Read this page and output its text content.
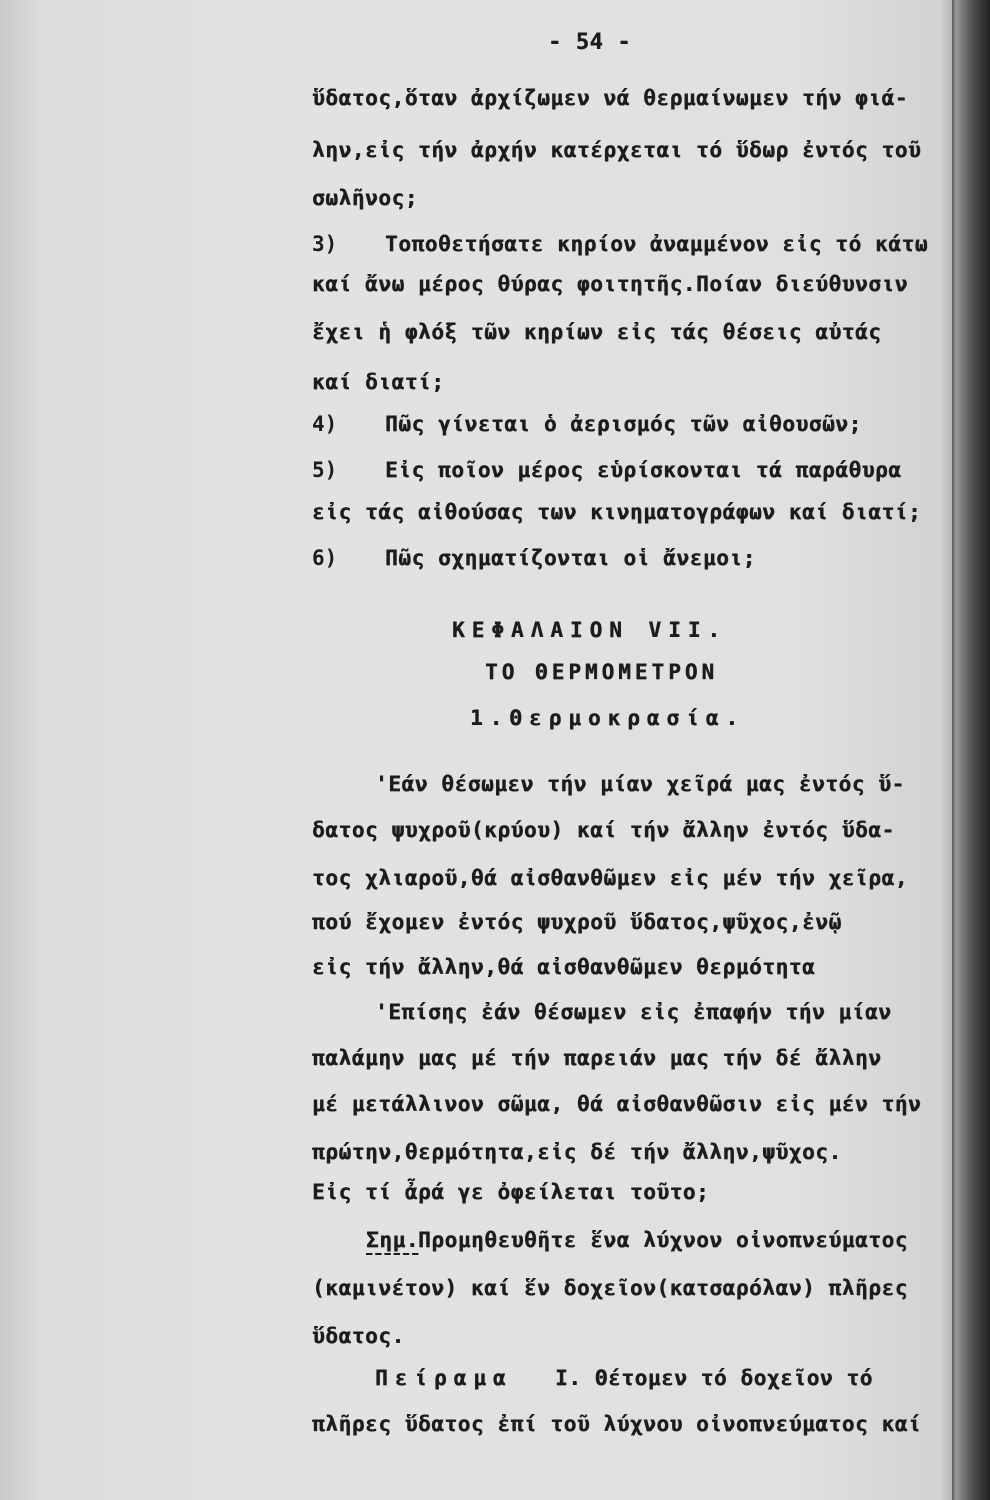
- 54 -
ὕδατος,ὅταν ἀρχίζωμεν νά θερμαίνωμεν τήν φιά-
λην,εἰς τήν ἀρχήν κατέρχεται τό ὕδωρ ἐντός τοῦ
σωλῆνος;
3) Τοποθετήσατε κηρίον ἀναμμένον εἰς τό κάτω
καί ἄνω μέρος θύρας φοιτητῆς.Ποίαν διεύθυνσιν
ἔχει ἡ φλόξ τῶν κηρίων εἰς τάς θέσεις αὐτάς
καί διατί;
4) Πῶς γίνεται ὁ ἀερισμός τῶν αἰθουσῶν;
5) Εἰς ποῖον μέρος εὑρίσκονται τά παράθυρα
εἰς τάς αἰθούσας των κινηματογράφων καί διατί;
6) Πῶς σχηματίζονται οἱ ἄνεμοι;
ΚΕΦΑΛΑΙΟΝ VII.
ΤΟ ΘΕΡΜΟΜΕΤΡΟΝ
1.Θερμοκρασία.
'Εάν θέσωμεν τήν μίαν χεῖρά μας ἐντός ὕ-
δατος ψυχροῦ(κρύου) καί τήν ἄλλην ἐντός ὕδα-
τος χλιαροῦ,θά αἰσθανθῶμεν εἰς μέν τήν χεῖρα,
πού ἔχομεν ἐντός ψυχροῦ ὕδατος,ψῦχος,ἐνῷ
εἰς τήν ἄλλην,θά αἰσθανθῶμεν θερμότητα
'Επίσης ἐάν θέσωμεν εἰς ἐπαφήν τήν μίαν
παλάμην μας μέ τήν παρειάν μας τήν δέ ἄλλην
μέ μετάλλινον σῶμα, θά αἰσθανθῶσιν εἰς μέν τήν
πρώτην,θερμότητα,εἰς δέ τήν ἄλλην,ψῦχος.
Εἰς τί ἆρά γε ὀφείλεται τοῦτο;
Σημ. Προμηθευθῆτε ἕνα λύχνον οἰνοπνεύματος
(καμινέτον) καί ἕν δοχεῖον(κατσαρόλαν) πλῆρες
ὕδατος.
Πείραμα Ι. Θέτομεν τό δοχεῖον τό
πλῆρες ὕδατος ἐπί τοῦ λύχνου οἰνοπνεύματος καί
